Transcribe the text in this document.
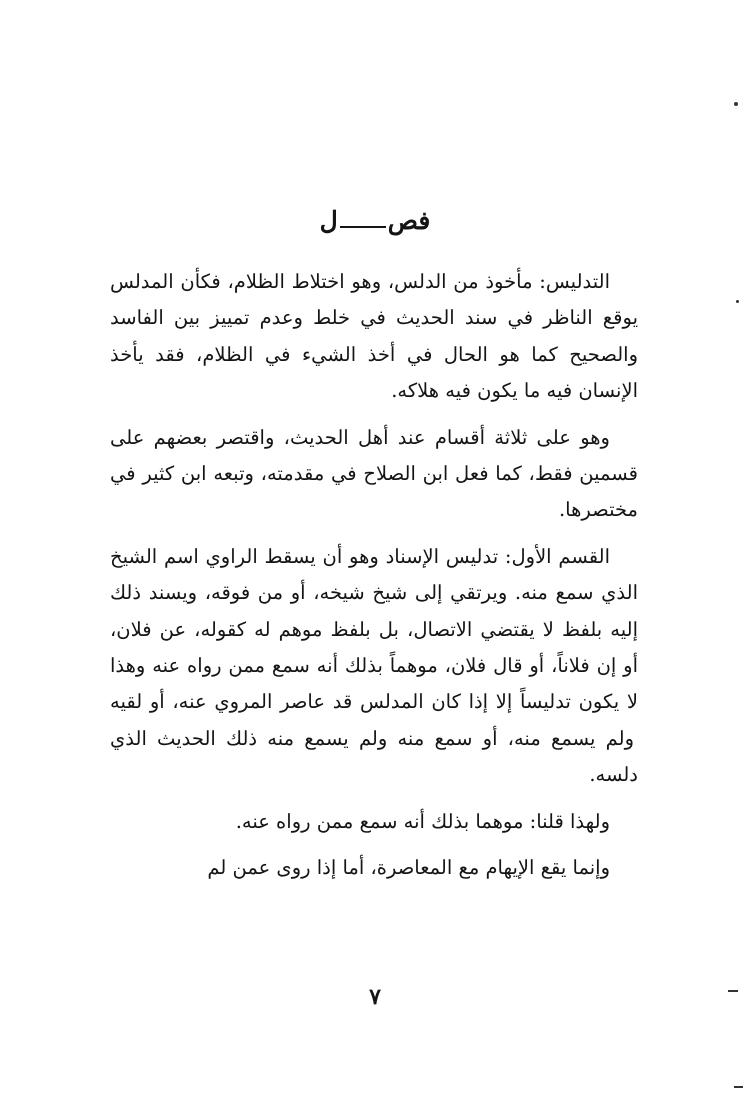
فصل

التدليس: مأخوذ من الدلس، وهو اختلاط الظلام، فكأن المدلس يوقع الناظر في سند الحديث في خلط وعدم تمييز بين الفاسد والصحيح كما هو الحال في أخذ الشيء في الظلام، فقد يأخذ الإنسان فيه ما يكون فيه هلاكه.

وهو على ثلاثة أقسام عند أهل الحديث، واقتصر بعضهم على قسمين فقط، كما فعل ابن الصلاح في مقدمته، وتبعه ابن كثير في مختصرها.

القسم الأول: تدليس الإسناد وهو أن يسقط الراوي اسم الشيخ الذي سمع منه. ويرتقي إلى شيخ شيخه، أو من فوقه، ويسند ذلك إليه بلفظ لا يقتضي الاتصال، بل بلفظ موهم له كقوله، عن فلان، أو إن فلاناً، أو قال فلان، موهماً بذلك أنه سمع ممن رواه عنه وهذا لا يكون تدليساً إلا إذا كان المدلس قد عاصر المروي عنه، أو لقيه ولم يسمع منه، أو سمع منه ولم يسمع منه ذلك الحديث الذي دلسه.

ولهذا قلنا: موهما بذلك أنه سمع ممن رواه عنه.

وإنما يقع الإيهام مع المعاصرة، أما إذا روى عمن لم

٧
